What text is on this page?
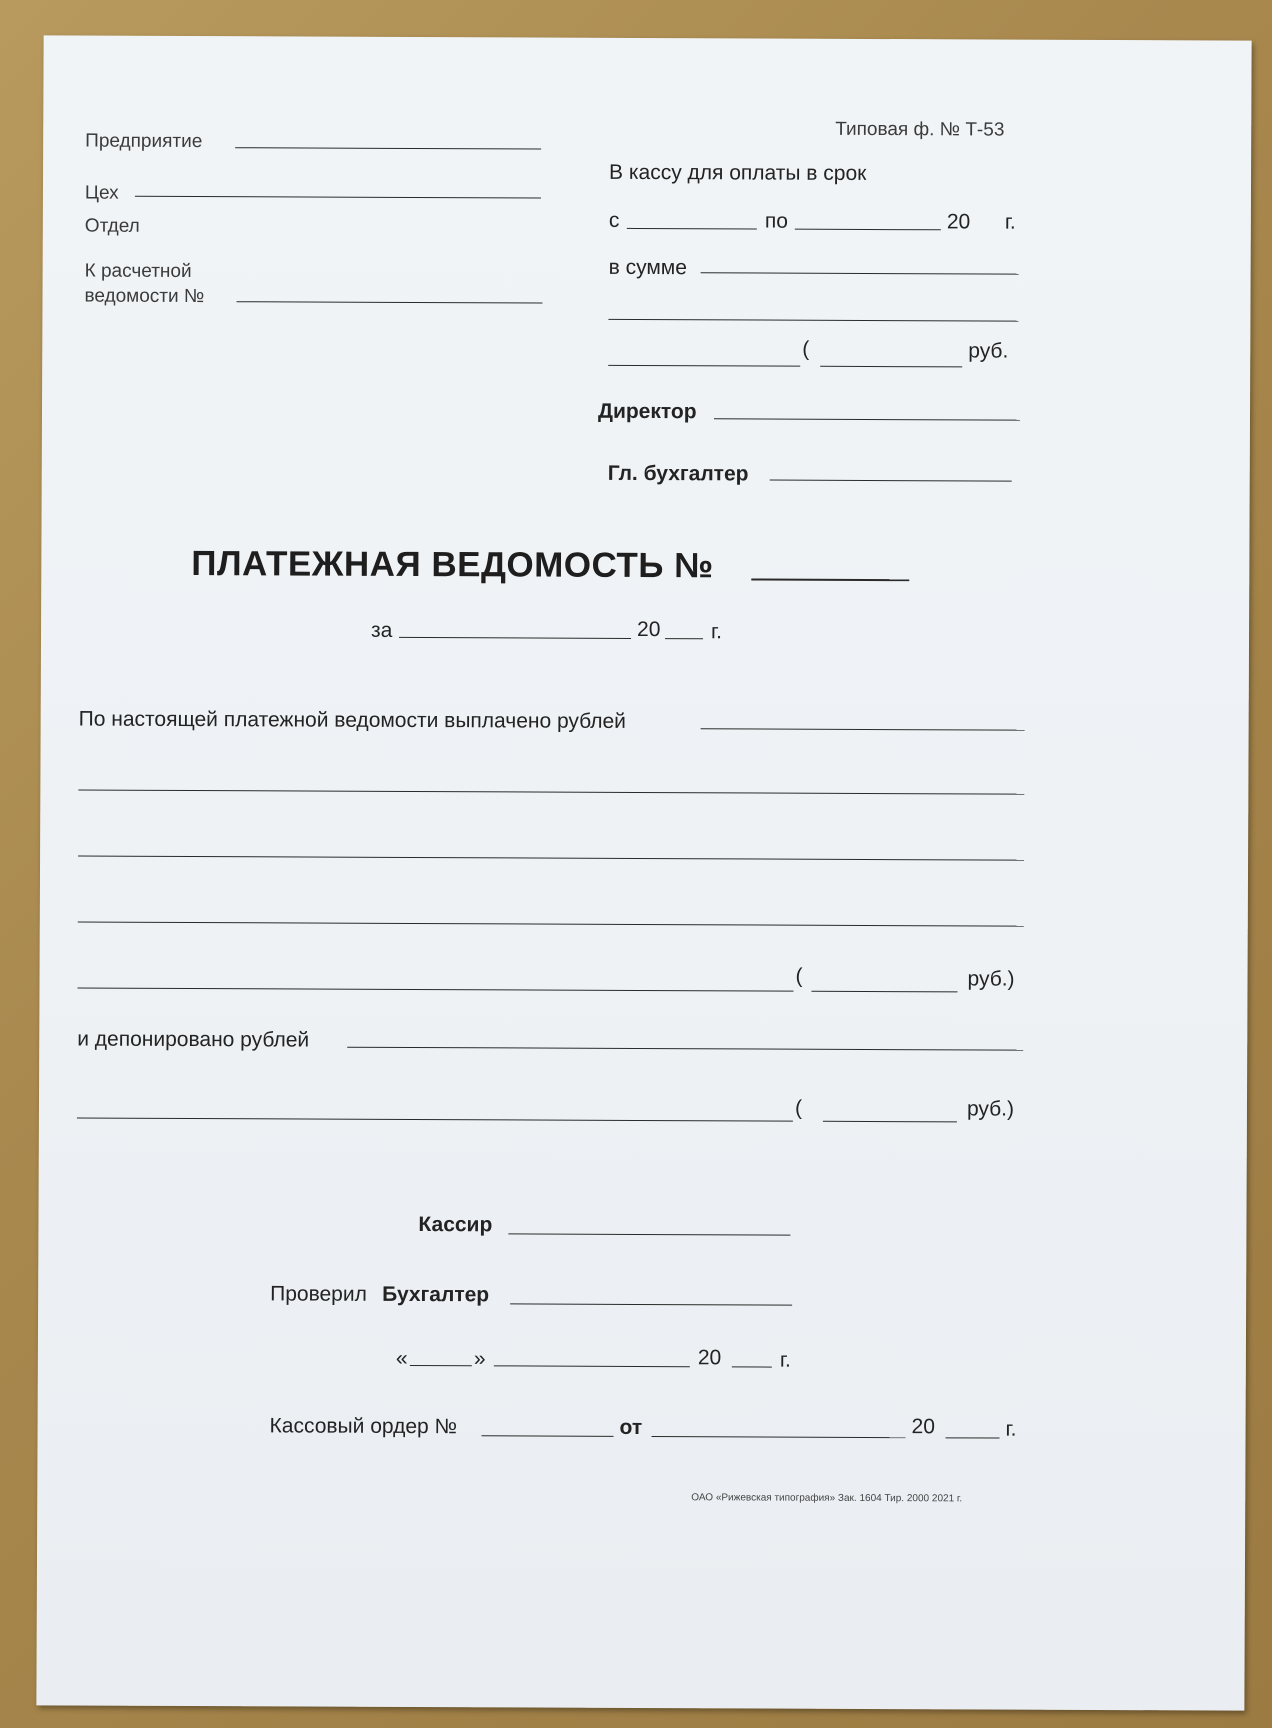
Предприятие
Цех
Отдел
К расчетной
ведомости №
Типовая ф. № Т-53
В кассу для оплаты в срок
с	по	20 г.
в сумме
(	руб.
Директор
Гл. бухгалтер
ПЛАТЕЖНАЯ ВЕДОМОСТЬ №
за	20 г.
По настоящей платежной ведомости выплачено рублей
(	руб.)
и депонировано рублей
(	руб.)
Кассир
Проверил Бухгалтер
«	»	20	г.
Кассовый ордер №	от	20	г.
ОАО «Рижевская типография» Зак. 1604 Тир. 2000 2021 г.
